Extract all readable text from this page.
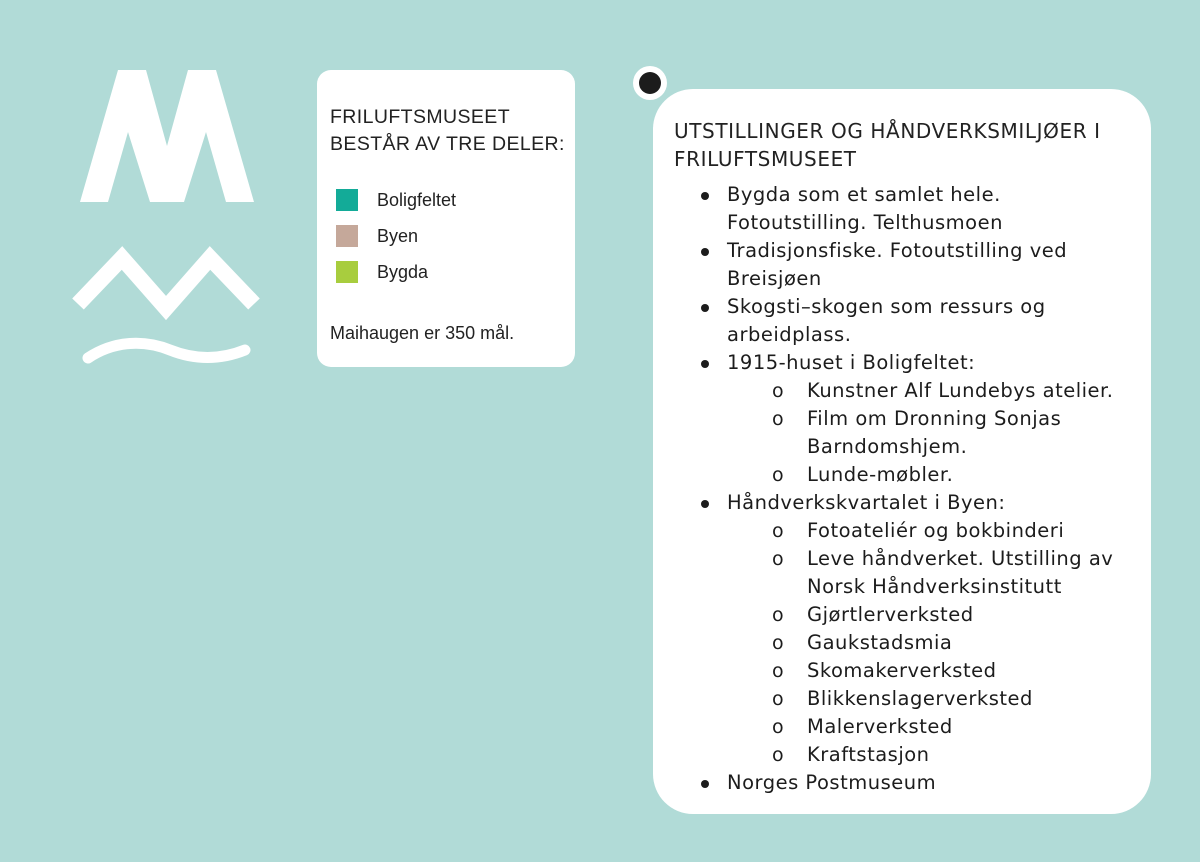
FRILUFTSMUSEET
BESTÅR AV TRE DELER:
Boligfeltet
Byen
Bygda
Maihaugen er 350 mål.
UTSTILLINGER OG HÅNDVERKSMILJØER I
FRILUFTSMUSEET
Bygda som et samlet hele.
Fotoutstilling. Telthusmoen
Tradisjonsfiske. Fotoutstilling ved
Breisjøen
Skogsti–skogen som ressurs og
arbeidplass.
1915-huset i Boligfeltet:
o Kunstner Alf Lundebys atelier.
o Film om Dronning Sonjas
Barndomshjem.
o Lunde-møbler.
Håndverkskvartalet i Byen:
o Fotoateliér og bokbinderi
o Leve håndverket. Utstilling av
Norsk Håndverksinstitutt
o Gjørtlerverksted
o Gaukstadsmia
o Skomakerverksted
o Blikkenslagerverksted
o Malerverksted
o Kraftstasjon
Norges Postmuseum
